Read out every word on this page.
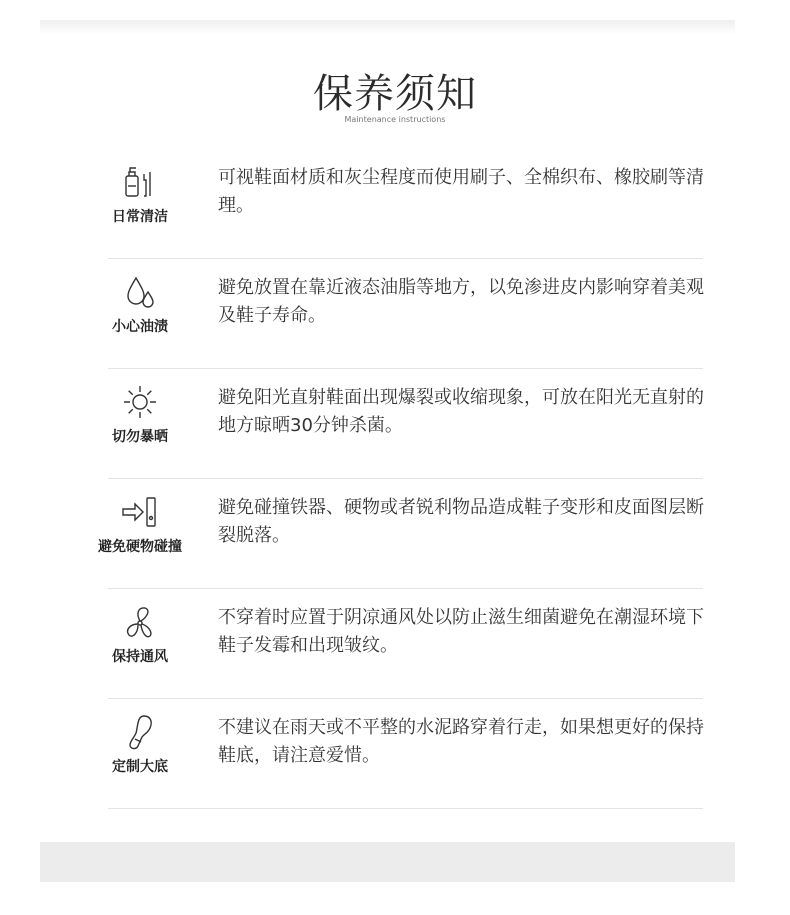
保养须知
Maintenance instructions
日常清洁
可视鞋面材质和灰尘程度而使用刷子、全棉织布、橡胶刷等清理。
小心油渍
避免放置在靠近液态油脂等地方，以免渗进皮内影响穿着美观及鞋子寿命。
切勿暴晒
避免阳光直射鞋面出现爆裂或收缩现象，可放在阳光无直射的地方晾晒30分钟杀菌。
避免硬物碰撞
避免碰撞铁器、硬物或者锐利物品造成鞋子变形和皮面图层断裂脱落。
保持通风
不穿着时应置于阴凉通风处以防止滋生细菌避免在潮湿环境下鞋子发霉和出现皱纹。
定制大底
不建议在雨天或不平整的水泥路穿着行走，如果想更好的保持鞋底，请注意爱惜。
